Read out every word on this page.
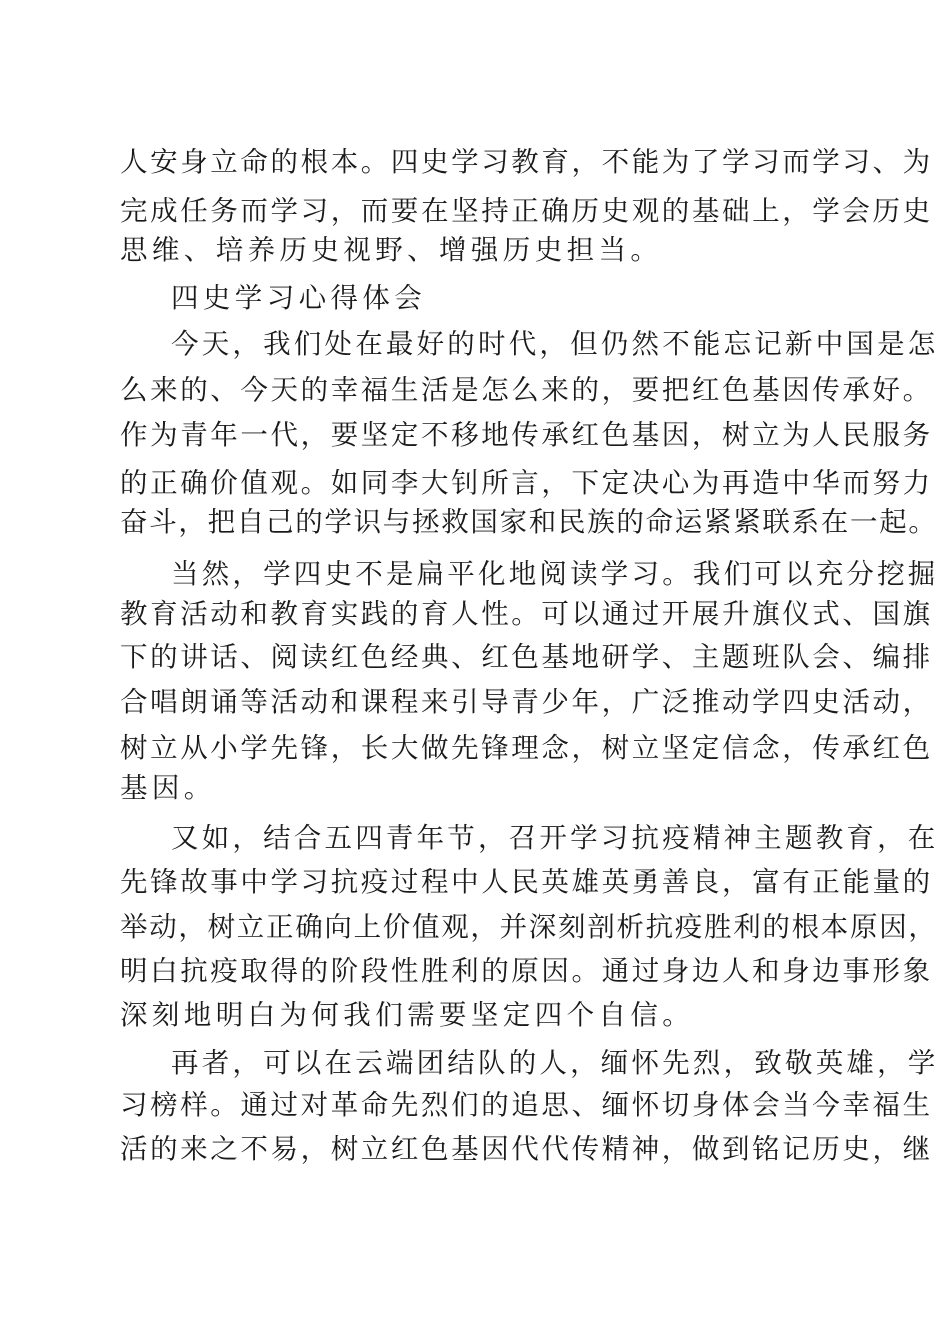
人安身立命的根本。四史学习教育，不能为了学习而学习、为
完成任务而学习，而要在坚持正确历史观的基础上，学会历史
思维、培养历史视野、增强历史担当。
四史学习心得体会
今天，我们处在最好的时代，但仍然不能忘记新中国是怎
么来的、今天的幸福生活是怎么来的，要把红色基因传承好。
作为青年一代，要坚定不移地传承红色基因，树立为人民服务
的正确价值观。如同李大钊所言，下定决心为再造中华而努力
奋斗，把自己的学识与拯救国家和民族的命运紧紧联系在一起。
当然，学四史不是扁平化地阅读学习。我们可以充分挖掘
教育活动和教育实践的育人性。可以通过开展升旗仪式、国旗
下的讲话、阅读红色经典、红色基地研学、主题班队会、编排
合唱朗诵等活动和课程来引导青少年，广泛推动学四史活动，
树立从小学先锋，长大做先锋理念，树立坚定信念，传承红色
基因。
又如，结合五四青年节，召开学习抗疫精神主题教育，在
先锋故事中学习抗疫过程中人民英雄英勇善良，富有正能量的
举动，树立正确向上价值观，并深刻剖析抗疫胜利的根本原因，
明白抗疫取得的阶段性胜利的原因。通过身边人和身边事形象
深刻地明白为何我们需要坚定四个自信。
再者，可以在云端团结队的人，缅怀先烈，致敬英雄，学
习榜样。通过对革命先烈们的追思、缅怀切身体会当今幸福生
活的来之不易，树立红色基因代代传精神，做到铭记历史，继
